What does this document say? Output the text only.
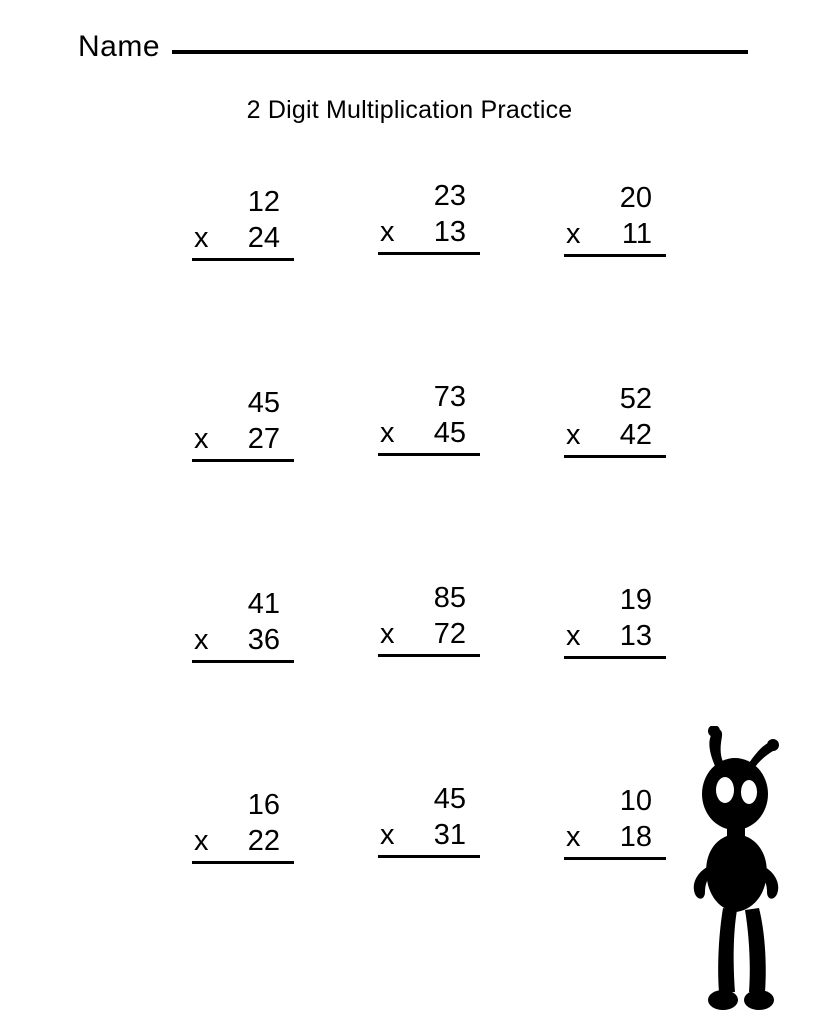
Name
2 Digit Multiplication Practice
12
x 24
23
x 13
20
x 11
45
x 27
73
x 45
52
x 42
41
x 36
85
x 72
19
x 13
16
x 22
45
x 31
10
x 18
